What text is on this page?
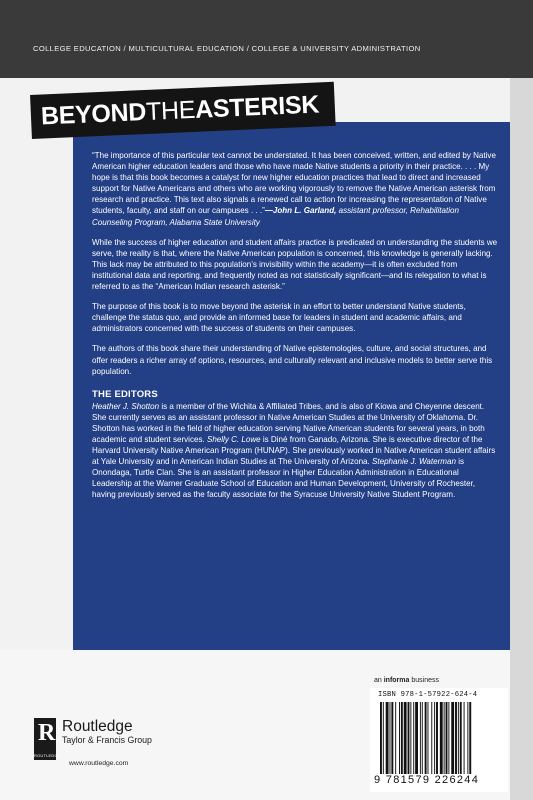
COLLEGE EDUCATION / MULTICULTURAL EDUCATION / COLLEGE & UNIVERSITY ADMINISTRATION

“The importance of this particular text cannot be understated. It has been conceived, written, and edited by Native American higher education leaders and those who have made Native students a priority in their practice. . . . My hope is that this book becomes a catalyst for new higher education practices that lead to direct and increased support for Native Americans and others who are working vigorously to remove the Native American asterisk from research and practice. This text also signals a renewed call to action for increasing the representation of Native students, faculty, and staff on our campuses . . .”—John L. Garland, assistant professor, Rehabilitation Counseling Program, Alabama State University

While the success of higher education and student affairs practice is predicated on understanding the students we serve, the reality is that, where the Native American population is concerned, this knowledge is generally lacking. This lack may be attributed to this population’s invisibility within the academy—it is often excluded from institutional data and reporting, and frequently noted as not statistically significant—and its relegation to what is referred to as the “American Indian research asterisk.”

The purpose of this book is to move beyond the asterisk in an effort to better understand Native students, challenge the status quo, and provide an informed base for leaders in student and academic affairs, and administrators concerned with the success of students on their campuses.

The authors of this book share their understanding of Native epistemologies, culture, and social structures, and offer readers a richer array of options, resources, and culturally relevant and inclusive models to better serve this population.

THE EDITORS

Heather J. Shotton is a member of the Wichita & Affiliated Tribes, and is also of Kiowa and Cheyenne descent. She currently serves as an assistant professor in Native American Studies at the University of Oklahoma. Dr. Shotton has worked in the field of higher education serving Native American students for several years, in both academic and student services. Shelly C. Lowe is Diné from Ganado, Arizona. She is executive director of the Harvard University Native American Program (HUNAP). She previously worked in Native American student affairs at Yale University and in American Indian Studies at The University of Arizona. Stephanie J. Waterman is Onondaga, Turtle Clan. She is an assistant professor in Higher Education Administration in Educational Leadership at the Warner Graduate School of Education and Human Development, University of Rochester, having previously served as the faculty associate for the Syracuse University Native Student Program.

BEYOND
THE
ASTERISK
R
ROUTLEDGE
Routledge
Taylor & Francis Group
www.routledge.com
an informa business
ISBN 978-1-57922-624-4
9 781579 226244
